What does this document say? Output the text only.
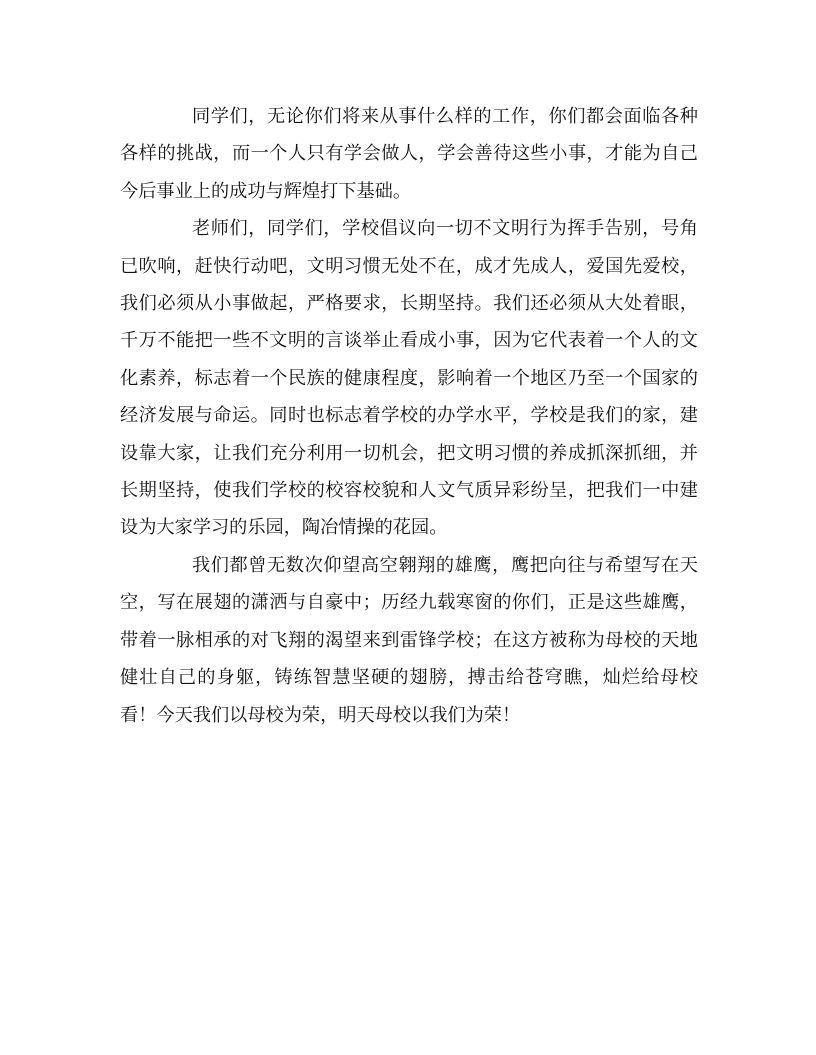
同学们，无论你们将来从事什么样的工作，你们都会面临各种各样的挑战，而一个人只有学会做人，学会善待这些小事，才能为自己今后事业上的成功与辉煌打下基础。

老师们，同学们，学校倡议向一切不文明行为挥手告别，号角已吹响，赶快行动吧，文明习惯无处不在，成才先成人，爱国先爱校，我们必须从小事做起，严格要求，长期坚持。我们还必须从大处着眼，千万不能把一些不文明的言谈举止看成小事，因为它代表着一个人的文化素养，标志着一个民族的健康程度，影响着一个地区乃至一个国家的经济发展与命运。同时也标志着学校的办学水平，学校是我们的家，建设靠大家，让我们充分利用一切机会，把文明习惯的养成抓深抓细，并长期坚持，使我们学校的校容校貌和人文气质异彩纷呈，把我们一中建设为大家学习的乐园，陶冶情操的花园。

我们都曾无数次仰望高空翱翔的雄鹰，鹰把向往与希望写在天空，写在展翅的潇洒与自豪中；历经九载寒窗的你们，正是这些雄鹰，带着一脉相承的对飞翔的渴望来到雷锋学校；在这方被称为母校的天地健壮自己的身躯，铸练智慧坚硬的翅膀，搏击给苍穹瞧，灿烂给母校看！今天我们以母校为荣，明天母校以我们为荣！
